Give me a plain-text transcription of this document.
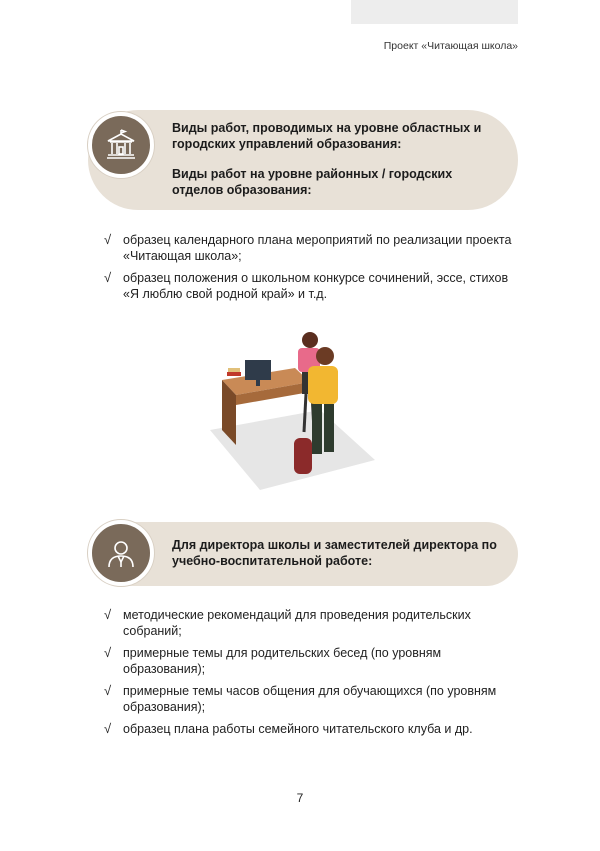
Проект «Читающая школа»
Виды работ, проводимых на уровне областных и городских управлений образования:
Виды работ на уровне районных / городских отделов образования:
√ образец календарного плана мероприятий по реализации проекта «Читающая школа»;
√ образец положения о школьном конкурсе сочинений, эссе, стихов «Я люблю свой родной край» и т.д.
Для директора школы и заместителей директора по учебно-воспитательной работе:
√ методические рекомендаций для проведения родительских собраний;
√ примерные темы для родительских бесед (по уровням образования);
√ примерные темы часов общения для обучающихся (по уровням образования);
√ образец плана работы семейного читательского клуба и др.
7
